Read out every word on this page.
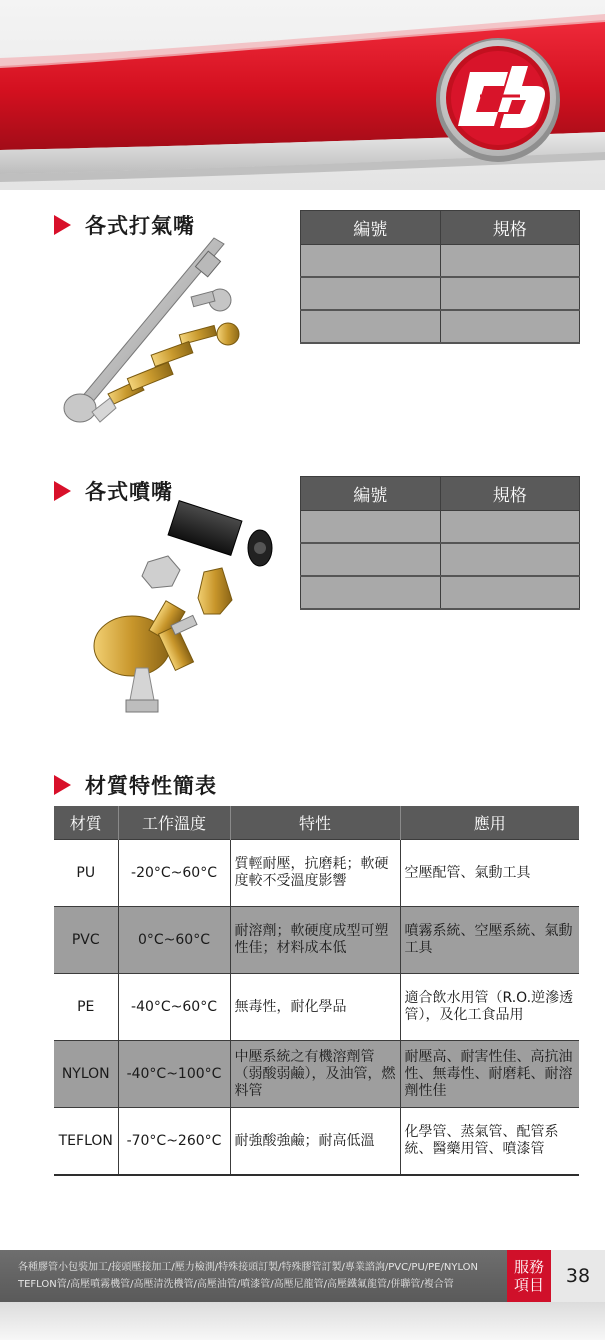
各式打氣嘴	編號	規格

各式噴嘴	編號	規格

材質特性簡表
材質	工作溫度	特性	應用
PU	-20°C~60°C	質輕耐壓，抗磨耗；軟硬度較不受溫度影響	空壓配管、氣動工具
PVC	0°C~60°C	耐溶劑；軟硬度成型可塑性佳；材料成本低	噴霧系統、空壓系統、氣動工具
PE	-40°C~60°C	無毒性，耐化學品	適合飲水用管（R.O.逆滲透管），及化工食品用
NYLON	-40°C~100°C	中壓系統之有機溶劑管（弱酸弱鹼），及油管，燃料管	耐壓高、耐害性佳、高抗油性、無毒性、耐磨耗、耐溶劑性佳
TEFLON	-70°C~260°C	耐強酸強鹼；耐高低溫	化學管、蒸氣管、配管系統、醫藥用管、噴漆管
各種膠管小包裝加工/接頭壓接加工/壓力檢測/特殊接頭訂製/特殊膠管訂製/專業諮詢/PVC/PU/PE/NYLON
TEFLON管/高壓噴霧機管/高壓清洗機管/高壓油管/噴漆管/高壓尼龍管/高壓鐵氟龍管/併聯管/複合管
服務
項目	38
